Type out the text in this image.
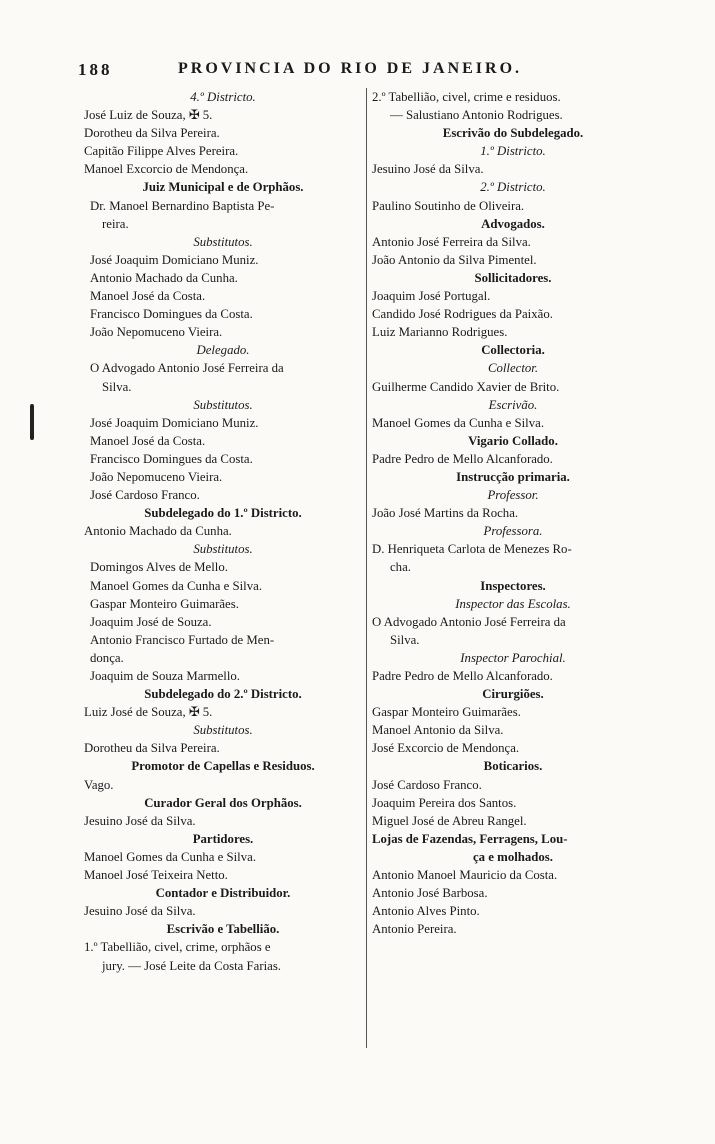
188	PROVINCIA DO RIO DE JANEIRO.
4.º Districto.
José Luiz de Souza, ✠ 5.
Dorotheu da Silva Pereira.
Capitão Filippe Alves Pereira.
Manoel Excorcio de Mendonça.
Juiz Municipal e de Orphãos.
Dr. Manoel Bernardino Baptista Pe-
reira.
Substitutos.
José Joaquim Domiciano Muniz.
Antonio Machado da Cunha.
Manoel José da Costa.
Francisco Domingues da Costa.
João Nepomuceno Vieira.
Delegado.
O Advogado Antonio José Ferreira da
Silva.
Substitutos.
José Joaquim Domiciano Muniz.
Manoel José da Costa.
Francisco Domingues da Costa.
João Nepomuceno Vieira.
José Cardoso Franco.
Subdelegado do 1.º Districto.
Antonio Machado da Cunha.
Substitutos.
Domingos Alves de Mello.
Manoel Gomes da Cunha e Silva.
Gaspar Monteiro Guimarães.
Joaquim José de Souza.
Antonio Francisco Furtado de Men-
donça.
Joaquim de Souza Marmello.
Subdelegado do 2.º Districto.
Luiz José de Souza, ✠ 5.
Substitutos.
Dorotheu da Silva Pereira.
Promotor de Capellas e Residuos.
Vago.
Curador Geral dos Orphãos.
Jesuino José da Silva.
Partidores.
Manoel Gomes da Cunha e Silva.
Manoel José Teixeira Netto.
Contador e Distribuidor.
Jesuino José da Silva.
Escrivão e Tabellião.
1.º Tabellião, civel, crime, orphãos e
jury. — José Leite da Costa Farias.
2.º Tabellião, civel, crime e residuos.
— Salustiano Antonio Rodrigues.
Escrivão do Subdelegado.
1.º Districto.
Jesuino José da Silva.
2.º Districto.
Paulino Soutinho de Oliveira.
Advogados.
Antonio José Ferreira da Silva.
João Antonio da Silva Pimentel.
Sollicitadores.
Joaquim José Portugal.
Candido José Rodrigues da Paixão.
Luiz Marianno Rodrigues.
Collectoria.
Collector.
Guilherme Candido Xavier de Brito.
Escrivão.
Manoel Gomes da Cunha e Silva.
Vigario Collado.
Padre Pedro de Mello Alcanforado.
Instrucção primaria.
Professor.
João José Martins da Rocha.
Professora.
D. Henriqueta Carlota de Menezes Ro-
cha.
Inspectores.
Inspector das Escolas.
O Advogado Antonio José Ferreira da
Silva.
Inspector Parochial.
Padre Pedro de Mello Alcanforado.
Cirurgiões.
Gaspar Monteiro Guimarães.
Manoel Antonio da Silva.
José Excorcio de Mendonça.
Boticarios.
José Cardoso Franco.
Joaquim Pereira dos Santos.
Miguel José de Abreu Rangel.
Lojas de Fazendas, Ferragens, Lou-
ça e molhados.
Antonio Manoel Mauricio da Costa.
Antonio José Barbosa.
Antonio Alves Pinto.
Antonio Pereira.
